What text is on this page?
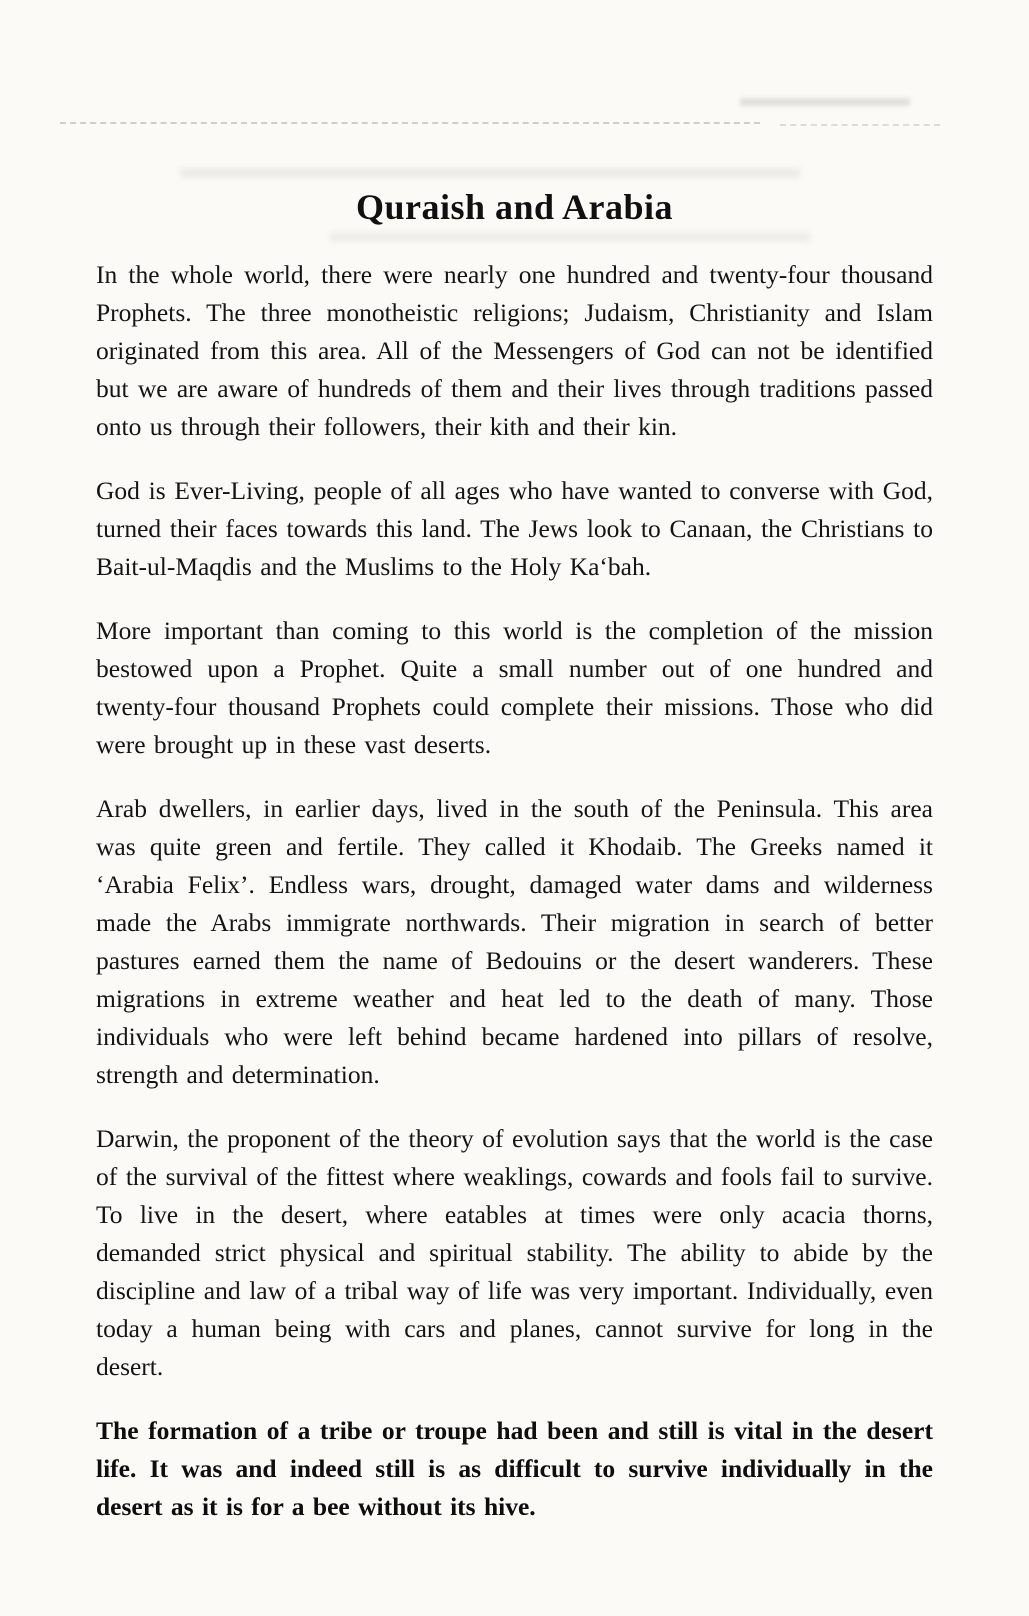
Quraish and Arabia

In the whole world, there were nearly one hundred and twenty-four thousand Prophets. The three monotheistic religions; Judaism, Christianity and Islam originated from this area. All of the Messengers of God can not be identified but we are aware of hundreds of them and their lives through traditions passed onto us through their followers, their kith and their kin.

God is Ever-Living, people of all ages who have wanted to converse with God, turned their faces towards this land. The Jews look to Canaan, the Christians to Bait-ul-Maqdis and the Muslims to the Holy Ka‘bah.

More important than coming to this world is the completion of the mission bestowed upon a Prophet. Quite a small number out of one hundred and twenty-four thousand Prophets could complete their missions. Those who did were brought up in these vast deserts.

Arab dwellers, in earlier days, lived in the south of the Peninsula. This area was quite green and fertile. They called it Khodaib. The Greeks named it ‘Arabia Felix’. Endless wars, drought, damaged water dams and wilderness made the Arabs immigrate northwards. Their migration in search of better pastures earned them the name of Bedouins or the desert wanderers. These migrations in extreme weather and heat led to the death of many. Those individuals who were left behind became hardened into pillars of resolve, strength and determination.

Darwin, the proponent of the theory of evolution says that the world is the case of the survival of the fittest where weaklings, cowards and fools fail to survive. To live in the desert, where eatables at times were only acacia thorns, demanded strict physical and spiritual stability. The ability to abide by the discipline and law of a tribal way of life was very important. Individually, even today a human being with cars and planes, cannot survive for long in the desert.

The formation of a tribe or troupe had been and still is vital in the desert life. It was and indeed still is as difficult to survive individually in the desert as it is for a bee without its hive.
